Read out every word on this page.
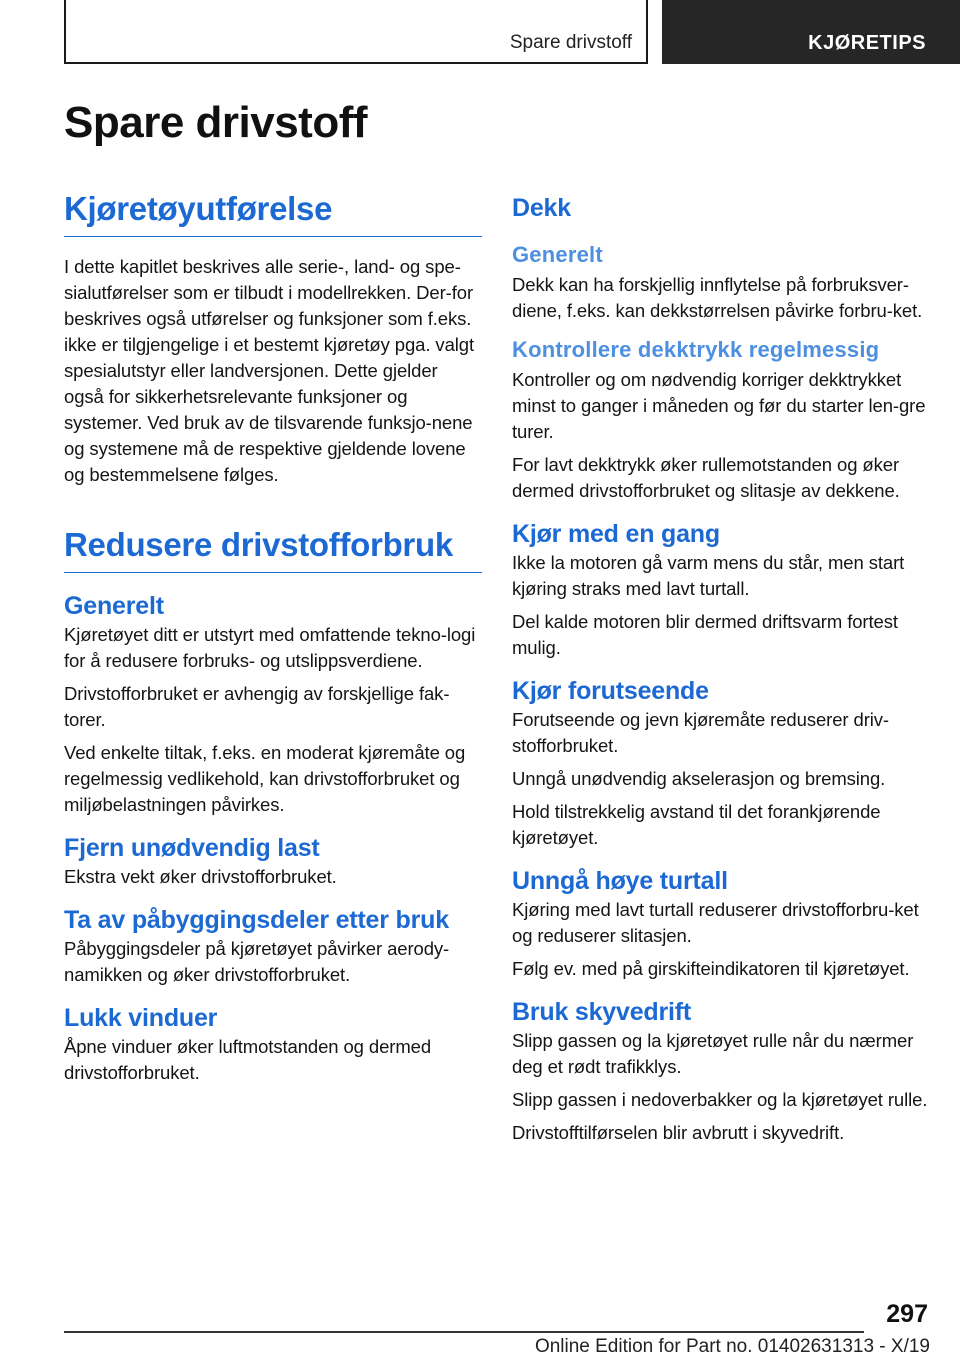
Spare drivstoff	KJØRETIPS
Spare drivstoff
Kjøretøyutførelse

I dette kapitlet beskrives alle serie-, land- og spe-sialutførelser som er tilbudt i modellrekken. Der-for beskrives også utførelser og funksjoner som f.eks. ikke er tilgjengelige i et bestemt kjøretøy pga. valgt spesialutstyr eller landversjonen. Dette gjelder også for sikkerhetsrelevante funksjoner og systemer. Ved bruk av de tilsvarende funksjo-nene og systemene må de respektive gjeldende lovene og bestemmelsene følges.

Redusere drivstofforbruk
Generelt

Kjøretøyet ditt er utstyrt med omfattende tekno-logi for å redusere forbruks- og utslippsverdiene.

Drivstofforbruket er avhengig av forskjellige fak-torer.

Ved enkelte tiltak, f.eks. en moderat kjøremåte og regelmessig vedlikehold, kan drivstofforbruket og miljøbelastningen påvirkes.

Fjern unødvendig last

Ekstra vekt øker drivstofforbruket.

Ta av påbyggingsdeler etter bruk

Påbyggingsdeler på kjøretøyet påvirker aerody-namikken og øker drivstofforbruket.

Lukk vinduer

Åpne vinduer øker luftmotstanden og dermed drivstofforbruket.

Dekk
Generelt

Dekk kan ha forskjellig innflytelse på forbruksver-diene, f.eks. kan dekkstørrelsen påvirke forbru-ket.

Kontrollere dekktrykk regelmessig

Kontroller og om nødvendig korriger dekktrykket minst to ganger i måneden og før du starter len-gre turer.

For lavt dekktrykk øker rullemotstanden og øker dermed drivstofforbruket og slitasje av dekkene.

Kjør med en gang

Ikke la motoren gå varm mens du står, men start kjøring straks med lavt turtall.

Del kalde motoren blir dermed driftsvarm fortest mulig.

Kjør forutseende

Forutseende og jevn kjøremåte reduserer driv-stofforbruket.

Unngå unødvendig akselerasjon og bremsing.

Hold tilstrekkelig avstand til det forankjørende kjøretøyet.

Unngå høye turtall

Kjøring med lavt turtall reduserer drivstofforbru-ket og reduserer slitasjen.

Følg ev. med på girskifteindikatoren til kjøretøyet.

Bruk skyvedrift

Slipp gassen og la kjøretøyet rulle når du nærmer deg et rødt trafikklys.

Slipp gassen i nedoverbakker og la kjøretøyet rulle.

Drivstofftilførselen blir avbrutt i skyvedrift.

297
Online Edition for Part no. 01402631313 - X/19
